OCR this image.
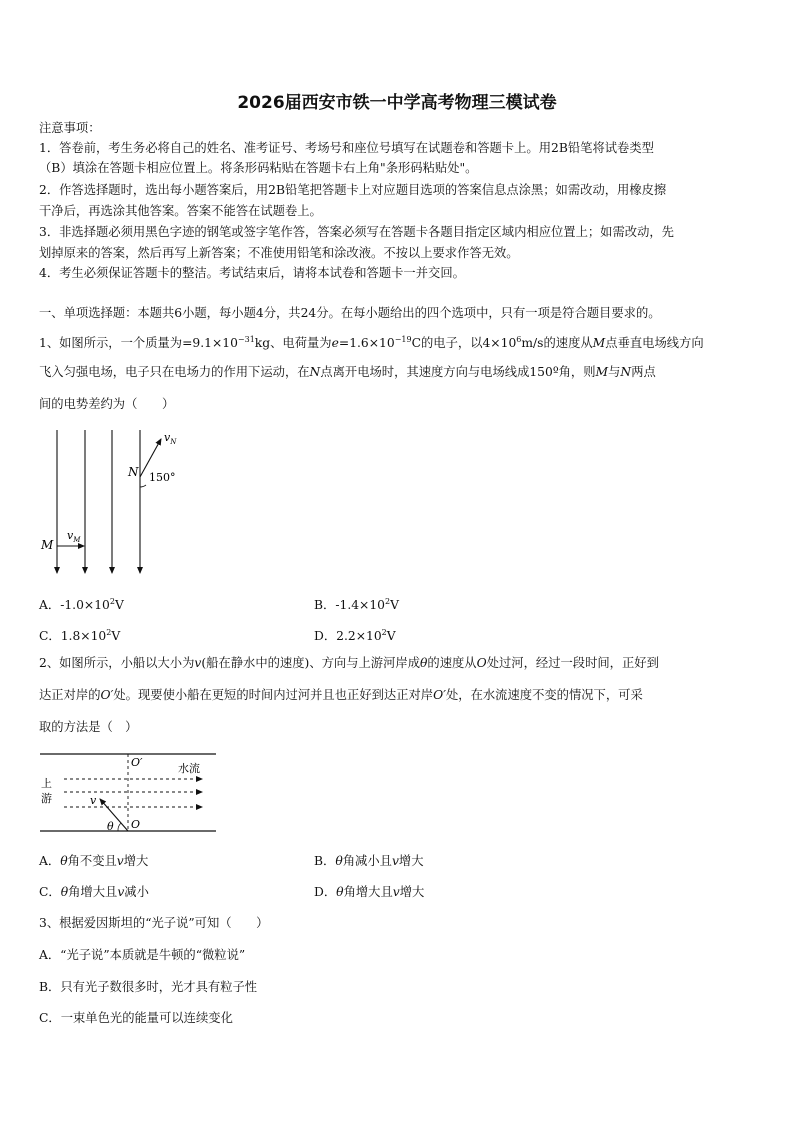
2026届西安市铁一中学高考物理三模试卷
注意事项：
1．答卷前，考生务必将自己的姓名、准考证号、考场号和座位号填写在试题卷和答题卡上。用2B铅笔将试卷类型
（B）填涂在答题卡相应位置上。将条形码粘贴在答题卡右上角"条形码粘贴处"。
2．作答选择题时，选出每小题答案后，用2B铅笔把答题卡上对应题目选项的答案信息点涂黑；如需改动，用橡皮擦
干净后，再选涂其他答案。答案不能答在试题卷上。
3．非选择题必须用黑色字迹的钢笔或签字笔作答，答案必须写在答题卡各题目指定区域内相应位置上；如需改动，先
划掉原来的答案，然后再写上新答案；不准使用铅笔和涂改液。不按以上要求作答无效。
4．考生必须保证答题卡的整洁。考试结束后，请将本试卷和答题卡一并交回。
一、单项选择题：本题共6小题，每小题4分，共24分。在每小题给出的四个选项中，只有一项是符合题目要求的。
1、如图所示，一个质量为$=9.1\times 10^{-31}kg$、电荷量为$e=1.6\times 10^{-19}C$的电子，以$4\times 10^6m/s$的速度从M点垂直电场线方向
飞入匀强电场，电子只在电场力的作用下运动，在N点离开电场时，其速度方向与电场线成150º角，则M与N两点
间的电势差约为（　　）
$v_N$
N 150°
M
$v_M$
A．$-1.0\times 10^2V$	B．$-1.4\times 10^2V$
C．$1.8\times 10^2V$	D．$2.2\times 10^2V$
2、如图所示，小船以大小为v(船在静水中的速度)、方向与上游河岸成θ的速度从O处过河，经过一段时间，正好到
达正对岸的O′处。现要使小船在更短的时间内过河并且也正好到达正对岸O′处，在水流速度不变的情况下，可采
取的方法是（　）
O′	水流
上
游	v
θ O
A．θ角不变且v增大	B．θ角减小且v增大
C．θ角增大且v减小	D．θ角增大且v增大
3、根据爱因斯坦的“光子说”可知（　　）
A．“光子说”本质就是牛顿的“微粒说”
B．只有光子数很多时，光才具有粒子性
C．一束单色光的能量可以连续变化
